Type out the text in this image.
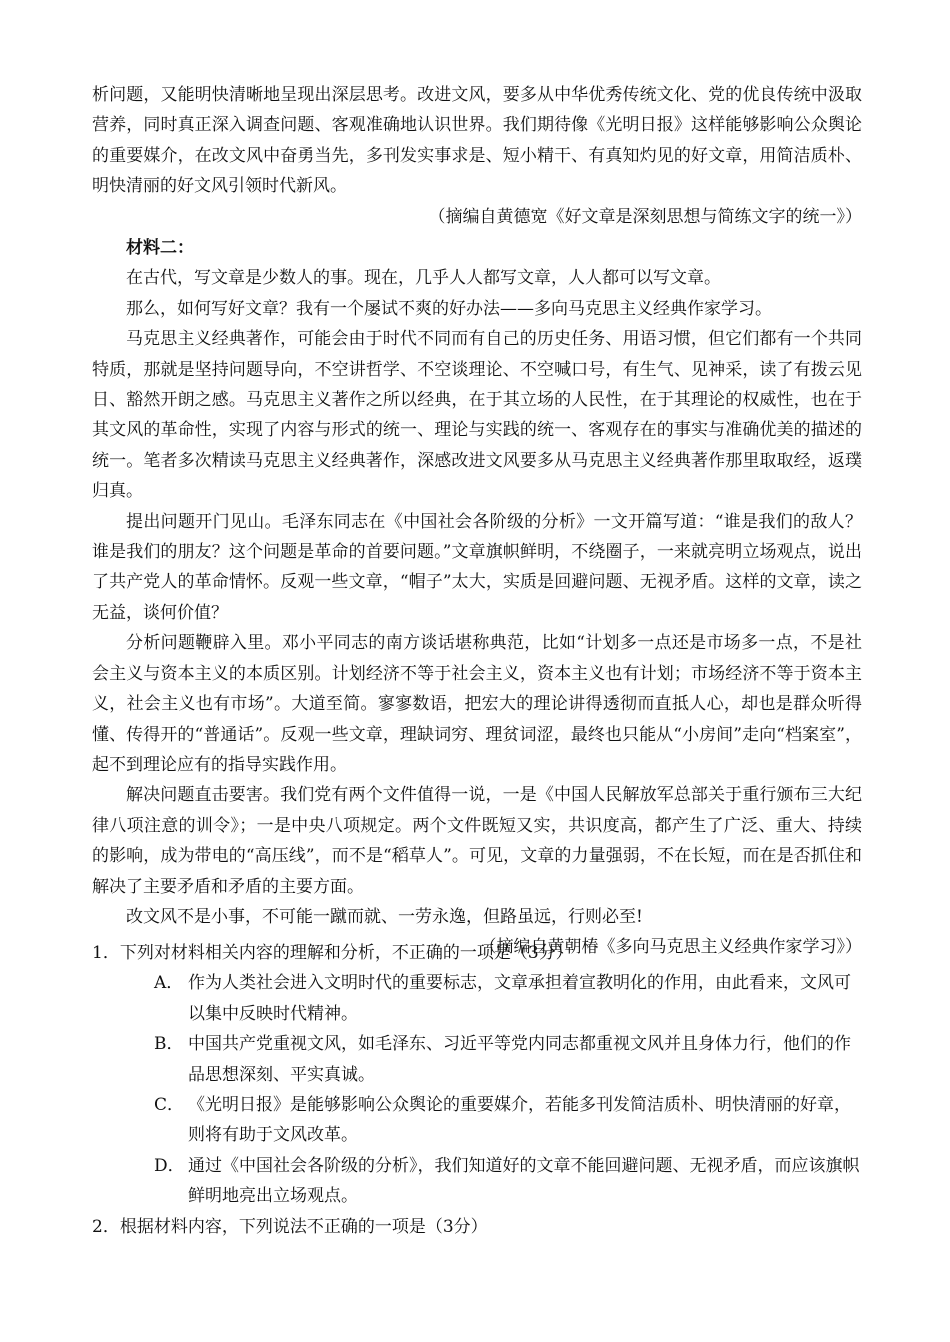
析问题，又能明快清晰地呈现出深层思考。改进文风，要多从中华优秀传统文化、党的优良传统中汲取营养，同时真正深入调查问题、客观准确地认识世界。我们期待像《光明日报》这样能够影响公众舆论的重要媒介，在改文风中奋勇当先，多刊发实事求是、短小精干、有真知灼见的好文章，用简洁质朴、明快清丽的好文风引领时代新风。

（摘编自黄德宽《好文章是深刻思想与简练文字的统一》）

材料二：

在古代，写文章是少数人的事。现在，几乎人人都写文章，人人都可以写文章。

那么，如何写好文章？我有一个屡试不爽的好办法——多向马克思主义经典作家学习。

马克思主义经典著作，可能会由于时代不同而有自己的历史任务、用语习惯，但它们都有一个共同特质，那就是坚持问题导向，不空讲哲学、不空谈理论、不空喊口号，有生气、见神采，读了有拨云见日、豁然开朗之感。马克思主义著作之所以经典，在于其立场的人民性，在于其理论的权威性，也在于其文风的革命性，实现了内容与形式的统一、理论与实践的统一、客观存在的事实与准确优美的描述的统一。笔者多次精读马克思主义经典著作，深感改进文风要多从马克思主义经典著作那里取取经，返璞归真。

提出问题开门见山。毛泽东同志在《中国社会各阶级的分析》一文开篇写道：“谁是我们的敌人？谁是我们的朋友？这个问题是革命的首要问题。”文章旗帜鲜明，不绕圈子，一来就亮明立场观点，说出了共产党人的革命情怀。反观一些文章，“帽子”太大，实质是回避问题、无视矛盾。这样的文章，读之无益，谈何价值？

分析问题鞭辟入里。邓小平同志的南方谈话堪称典范，比如“计划多一点还是市场多一点，不是社会主义与资本主义的本质区别。计划经济不等于社会主义，资本主义也有计划；市场经济不等于资本主义，社会主义也有市场”。大道至简。寥寥数语，把宏大的理论讲得透彻而直抵人心，却也是群众听得懂、传得开的“普通话”。反观一些文章，理缺词穷、理贫词涩，最终也只能从“小房间”走向“档案室”，起不到理论应有的指导实践作用。

解决问题直击要害。我们党有两个文件值得一说，一是《中国人民解放军总部关于重行颁布三大纪律八项注意的训令》；一是中央八项规定。两个文件既短又实，共识度高，都产生了广泛、重大、持续的影响，成为带电的“高压线”，而不是“稻草人”。可见，文章的力量强弱，不在长短，而在是否抓住和解决了主要矛盾和矛盾的主要方面。

改文风不是小事，不可能一蹴而就、一劳永逸，但路虽远，行则必至!

（摘编自黄朝椿《多向马克思主义经典作家学习》）

1．下列对材料相关内容的理解和分析，不正确的一项是（3分）

A． 作为人类社会进入文明时代的重要标志，文章承担着宣教明化的作用，由此看来，文风可以集中反映时代精神。

B． 中国共产党重视文风，如毛泽东、习近平等党内同志都重视文风并且身体力行，他们的作品思想深刻、平实真诚。

C． 《光明日报》是能够影响公众舆论的重要媒介，若能多刊发简洁质朴、明快清丽的好章，则将有助于文风改革。

D． 通过《中国社会各阶级的分析》，我们知道好的文章不能回避问题、无视矛盾，而应该旗帜鲜明地亮出立场观点。

2．根据材料内容，下列说法不正确的一项是（3分）
